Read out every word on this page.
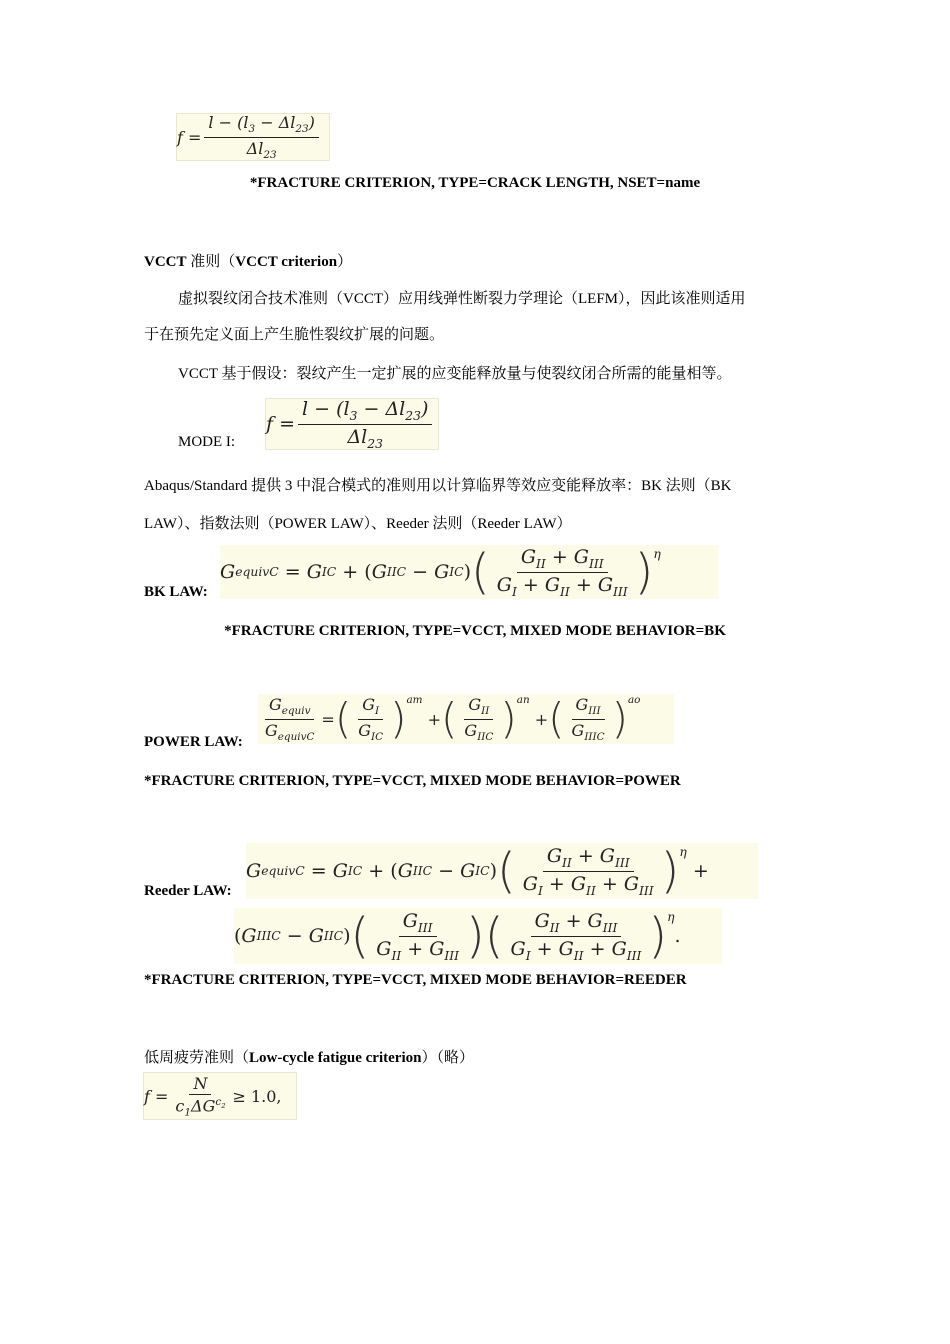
f
= $\frac{l - (l_3 - \Delta l_{23})}{\Delta l_{23}}$
*FRACTURE CRITERION, TYPE=CRACK LENGTH, NSET=name
VCCT 准则（VCCT criterion）
虚拟裂纹闭合技术准则（VCCT）应用线弹性断裂力学理论（LEFM），因此该准则适用
于在预先定义面上产生脆性裂纹扩展的问题。
VCCT 基于假设：裂纹产生一定扩展的应变能释放量与使裂纹闭合所需的能量相等。
MODE I:
f
= $\frac{l - (l_3 - \Delta l_{23})}{\Delta l_{23}}$
Abaqus/Standard 提供 3 中混合模式的准则用以计算临界等效应变能释放率：BK 法则（BK
LAW）、指数法则（POWER LAW）、Reeder 法则（Reeder LAW）
BK LAW:
G equivC
=
G IC
+
( G IIC
−
G IC ) ( $\frac{G_{II} + G_{III}}{G_I + G_{II} + G_{III}} )^\eta$
*FRACTURE CRITERION, TYPE=VCCT, MIXED MODE BEHAVIOR=BK
POWER LAW: $\frac{G_{equiv}}{G_{equivC}}$ = ( $\frac{G_I}{G_{IC}} )^{am}$

+ ( $\frac{G_{II}}{G_{IIC}} )^{an}$

+ ( $\frac{G_{III}}{G_{IIIC}} )^{ao}$
*FRACTURE CRITERION, TYPE=VCCT, MIXED MODE BEHAVIOR=POWER
Reeder LAW:
G equivC
=
G IC
+
( G IIC
−
G IC ) ( $\frac{G_{II} + G_{III}}{G_I + G_{II} + G_{III}} )^\eta$

+
( G IIIC
−
G IIC ) ( $\frac{G_{III}}{G_{II} + G_{III}}$ ) ( $\frac{G_{II} + G_{III}}{G_I + G_{II} + G_{III}} )^\eta$
.
*FRACTURE CRITERION, TYPE=VCCT, MIXED MODE BEHAVIOR=REEDER
低周疲劳准则（Low-cycle fatigue criterion）（略）
f
= $\frac{N}{c_1\Delta G^{c_2}} \ge 1.0$,
